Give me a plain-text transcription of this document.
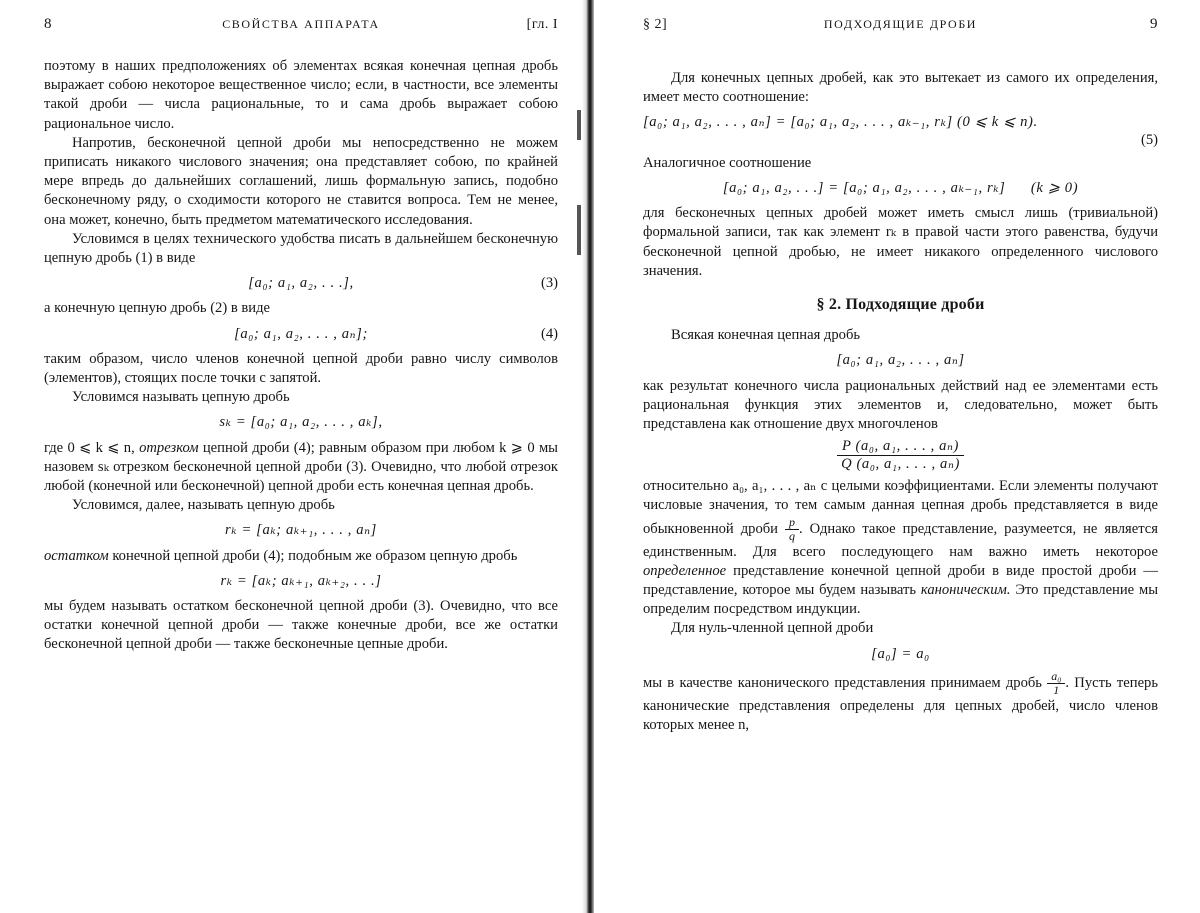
8	СВОЙСТВА АППАРАТА	[гл. I

поэтому в наших предположениях об элементах всякая конечная цепная дробь выражает собою некоторое вещественное число; если, в частности, все элементы такой дроби — числа рациональные, то и сама дробь выражает собою рациональное число.

Напротив, бесконечной цепной дроби мы непосредственно не можем приписать никакого числового значения; она представляет собою, по крайней мере впредь до дальнейших соглашений, лишь формальную запись, подобно бесконечному ряду, о сходимости которого не ставится вопроса. Тем не менее, она может, конечно, быть предметом математического исследования.

Условимся в целях технического удобства писать в дальнейшем бесконечную цепную дробь (1) в виде

[a₀; a₁, a₂, . . .],	(3)

а конечную цепную дробь (2) в виде

[a₀; a₁, a₂, . . . , aₙ];	(4)

таким образом, число членов конечной цепной дроби равно числу символов (элементов), стоящих после точки с запятой.

Условимся называть цепную дробь

sₖ = [a₀; a₁, a₂, . . . , aₖ],

где 0 ⩽ k ⩽ n, отрезком цепной дроби (4); равным образом при любом k ⩾ 0 мы назовем sₖ отрезком бесконечной цепной дроби (3). Очевидно, что любой отрезок любой (конечной или бесконечной) цепной дроби есть конечная цепная дробь.

Условимся, далее, называть цепную дробь

rₖ = [aₖ; aₖ₊₁, . . . , aₙ]

остатком конечной цепной дроби (4); подобным же образом цепную дробь

rₖ = [aₖ; aₖ₊₁, aₖ₊₂, . . .]

мы будем называть остатком бесконечной цепной дроби (3). Очевидно, что все остатки конечной цепной дроби — также конечные дроби, все же остатки бесконечной цепной дроби — также бесконечные цепные дроби.

§ 2]	ПОДХОДЯЩИЕ ДРОБИ	9

Для конечных цепных дробей, как это вытекает из самого их определения, имеет место соотношение:

[a₀; a₁, a₂, . . . , aₙ] = [a₀; a₁, a₂, . . . , aₖ₋₁, rₖ] (0 ⩽ k ⩽ n).
(5)

Аналогичное соотношение

[a₀; a₁, a₂, . . .] = [a₀; a₁, a₂, . . . , aₖ₋₁, rₖ]      (k ⩾ 0)

для бесконечных цепных дробей может иметь смысл лишь (тривиальной) формальной записи, так как элемент rₖ в правой части этого равенства, будучи бесконечной цепной дробью, не имеет никакого определенного числового значения.

§ 2. Подходящие дроби

Всякая конечная цепная дробь

[a₀; a₁, a₂, . . . , aₙ]

как результат конечного числа рациональных действий над ее элементами есть рациональная функция этих элементов и, следовательно, может быть представлена как отношение двух многочленов

P (a₀, a₁, . . . , aₙ)
Q (a₀, a₁, . . . , aₙ)

относительно a₀, a₁, . . . , aₙ с целыми коэффициентами. Если элементы получают числовые значения, то тем самым данная цепная дробь представляется в виде обыкновенной дроби p
q . Однако такое представление, разумеется, не является единственным. Для всего последующего нам важно иметь некоторое определенное представление конечной цепной дроби в виде простой дроби — представление, которое мы будем называть каноническим. Это представление мы определим посредством индукции.

Для нуль-членной цепной дроби

[a₀] = a₀

мы в качестве канонического представления принимаем дробь a₀
1 . Пусть теперь канонические представления определены для цепных дробей, число членов которых менее n,
